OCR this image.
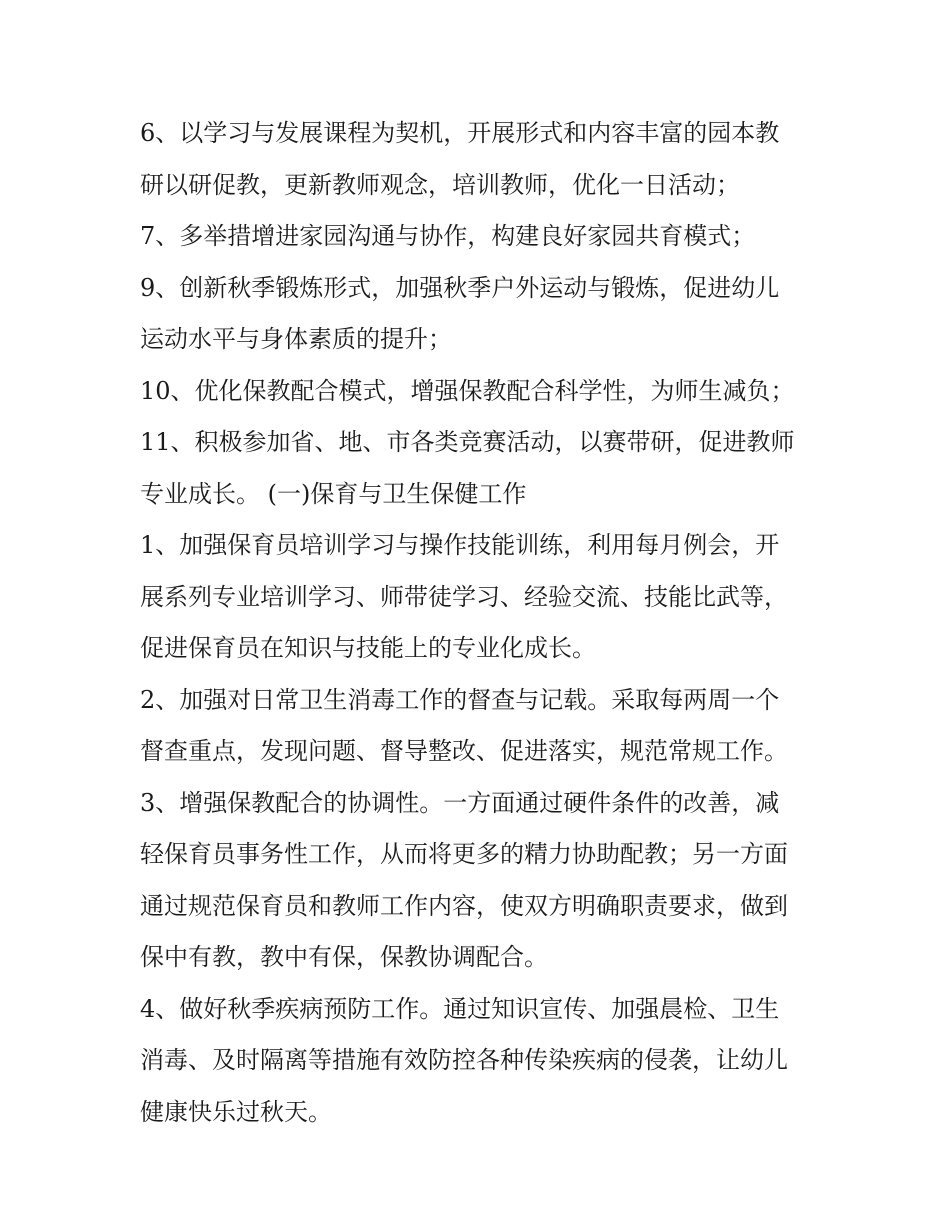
6、以学习与发展课程为契机，开展形式和内容丰富的园本教
研以研促教，更新教师观念，培训教师，优化一日活动；
7、多举措增进家园沟通与协作，构建良好家园共育模式；
9、创新秋季锻炼形式，加强秋季户外运动与锻炼，促进幼儿
运动水平与身体素质的提升；
10、优化保教配合模式，增强保教配合科学性，为师生减负；
11、积极参加省、地、市各类竞赛活动，以赛带研，促进教师
专业成长。 (一)保育与卫生保健工作
1、加强保育员培训学习与操作技能训练，利用每月例会，开
展系列专业培训学习、师带徒学习、经验交流、技能比武等，
促进保育员在知识与技能上的专业化成长。
2、加强对日常卫生消毒工作的督查与记载。采取每两周一个
督查重点，发现问题、督导整改、促进落实，规范常规工作。
3、增强保教配合的协调性。一方面通过硬件条件的改善，减
轻保育员事务性工作，从而将更多的精力协助配教；另一方面
通过规范保育员和教师工作内容，使双方明确职责要求，做到
保中有教，教中有保，保教协调配合。
4、做好秋季疾病预防工作。通过知识宣传、加强晨检、卫生
消毒、及时隔离等措施有效防控各种传染疾病的侵袭，让幼儿
健康快乐过秋天。
